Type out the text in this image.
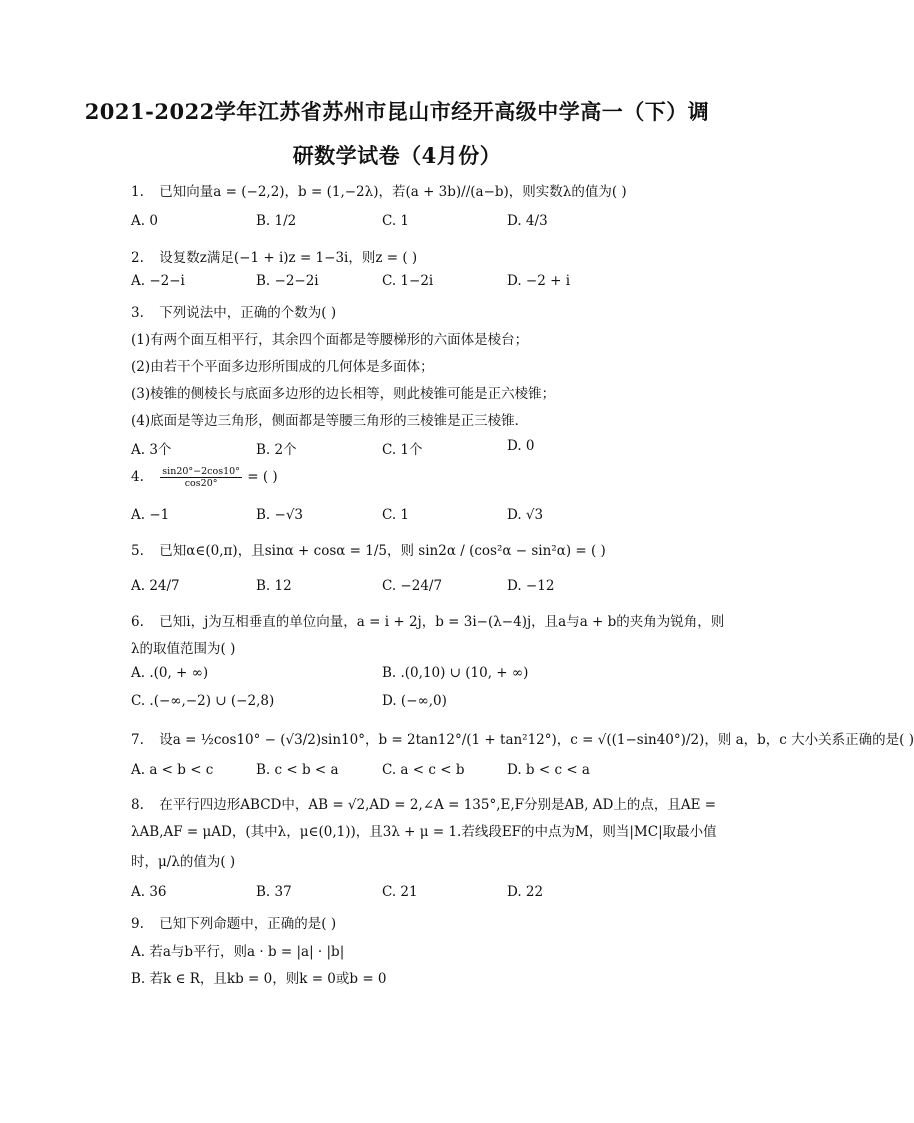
2021-2022学年江苏省苏州市昆山市经开高级中学高一（下）调
研数学试卷（4月份）
1. 已知向量a = (−2,2)，b = (1,−2λ)，若(a + 3b)//(a−b)，则实数λ的值为( )
A. 0	B. 1/2	C. 1	D. 4/3
2. 设复数z满足(−1 + i)z = 1−3i，则z = ( )
A. −2−i	B. −2−2i	C. 1−2i	D. −2 + i
3. 下列说法中，正确的个数为( )
(1)有两个面互相平行，其余四个面都是等腰梯形的六面体是棱台；
(2)由若干个平面多边形所围成的几何体是多面体；
(3)棱锥的侧棱长与底面多边形的边长相等，则此棱锥可能是正六棱锥；
(4)底面是等边三角形，侧面都是等腰三角形的三棱锥是正三棱锥．
A. 3个	B. 2个	C. 1个	D. 0
4. $\frac{\sin 20^\circ-2\cos 10^\circ}{\cos 20^\circ}$ = ( )
A. −1	B. −√3	C. 1	D. √3
5. 已知α∈(0,π)，且sinα + cosα = 1/5，则 sin2α / (cos²α − sin²α) = ( )
A. 24/7	B. 12	C. −24/7	D. −12
6. 已知i，j为互相垂直的单位向量，a = i + 2j，b = 3i−(λ−4)j，且a与a + b的夹角为锐角，则
λ的取值范围为( )
A. .(0, + ∞)	B. .(0,10) ∪ (10, + ∞)
C. .(−∞,−2) ∪ (−2,8)	D. (−∞,0)
7. 设a = ½cos10° − (√3/2)sin10°，b = 2tan12°/(1 + tan²12°)，c = √((1−sin40°)/2)，则 a，b，c 大小关系正确的是( )
A. a < b < c	B. c < b < a	C. a < c < b	D. b < c < a
8. 在平行四边形ABCD中，AB = √2,AD = 2,∠A = 135°,E,F分别是AB, AD上的点，且AE =
λAB,AF = μAD，(其中λ，μ∈(0,1))，且3λ + μ = 1.若线段EF的中点为M，则当|MC|取最小值
时，μ/λ的值为( )
A. 36	B. 37	C. 21	D. 22
9. 已知下列命题中，正确的是( )
A. 若a与b平行，则a · b = |a| · |b|
B. 若k ∈ R，且kb = 0，则k = 0或b = 0
